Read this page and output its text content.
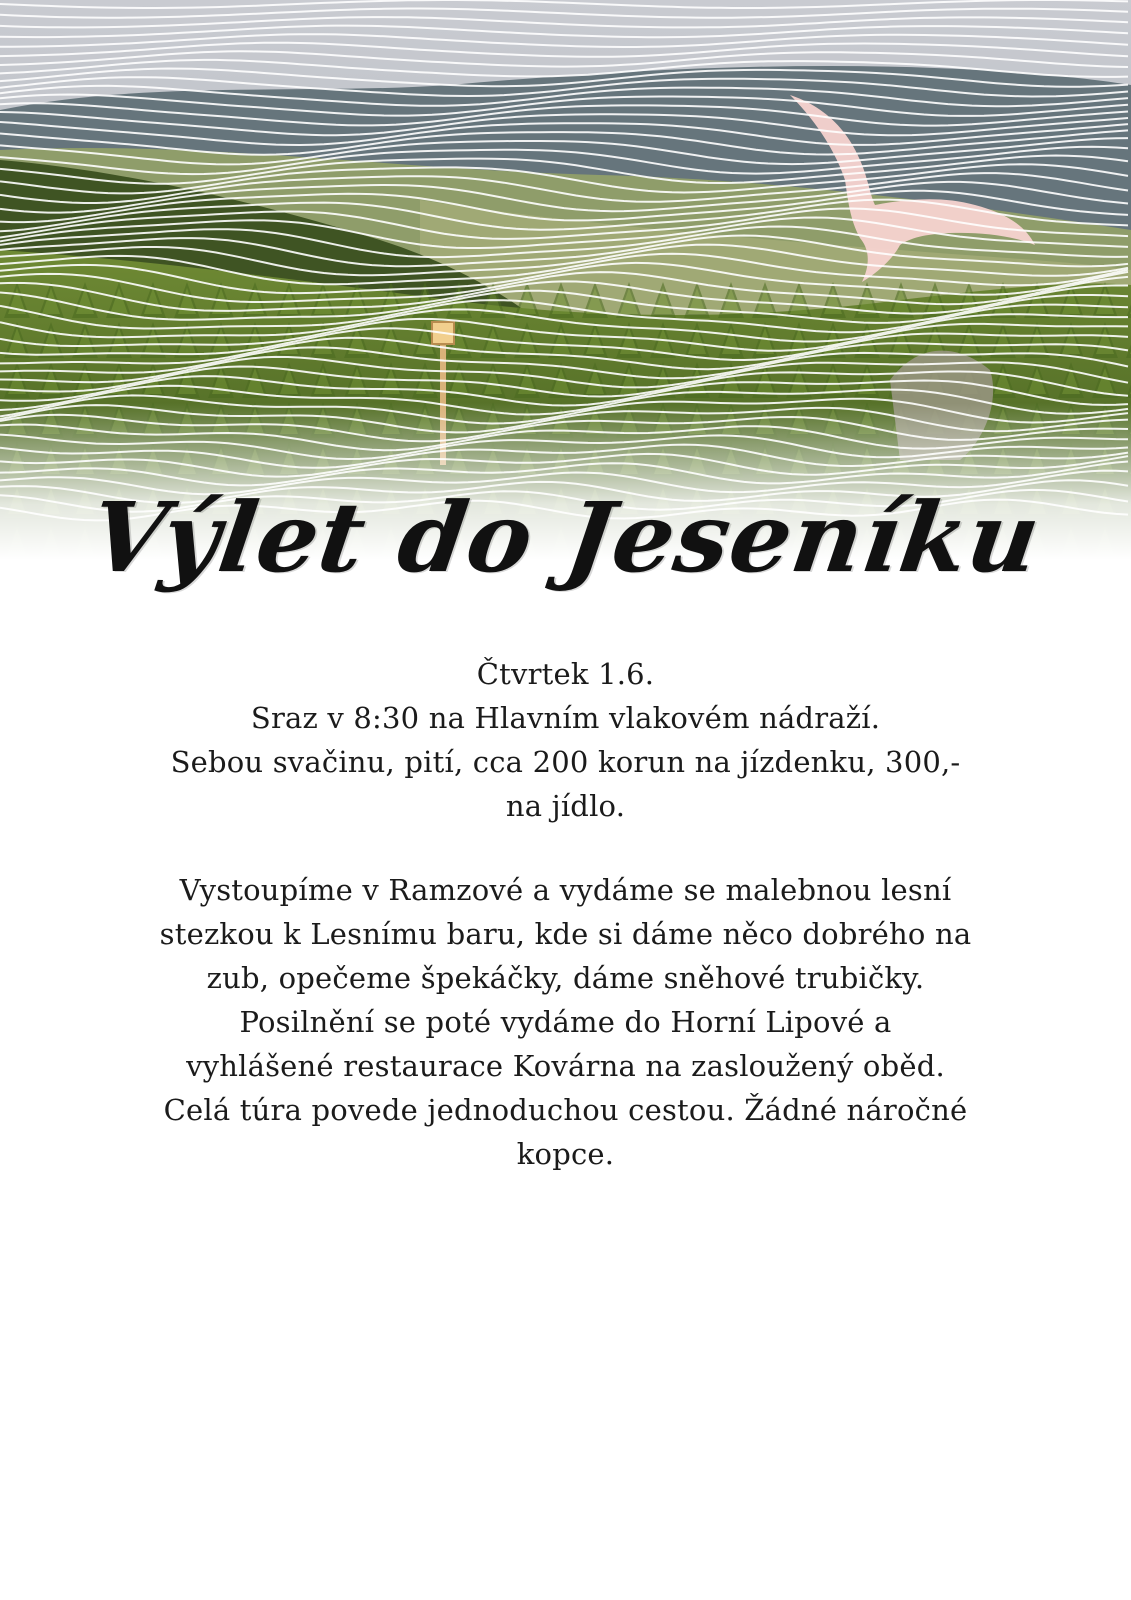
Výlet do Jeseníku
Čtvrtek 1.6.
Sraz v 8:30 na Hlavním vlakovém nádraží.
Sebou svačinu, pití, cca 200 korun na jízdenku, 300,-
na jídlo.
Vystoupíme v Ramzové a vydáme se malebnou lesní
stezkou k Lesnímu baru, kde si dáme něco dobrého na
zub, opečeme špekáčky, dáme sněhové trubičky.
Posilnění se poté vydáme do Horní Lipové a
vyhlášené restaurace Kovárna na zasloužený oběd.
Celá túra povede jednoduchou cestou. Žádné náročné
kopce.
